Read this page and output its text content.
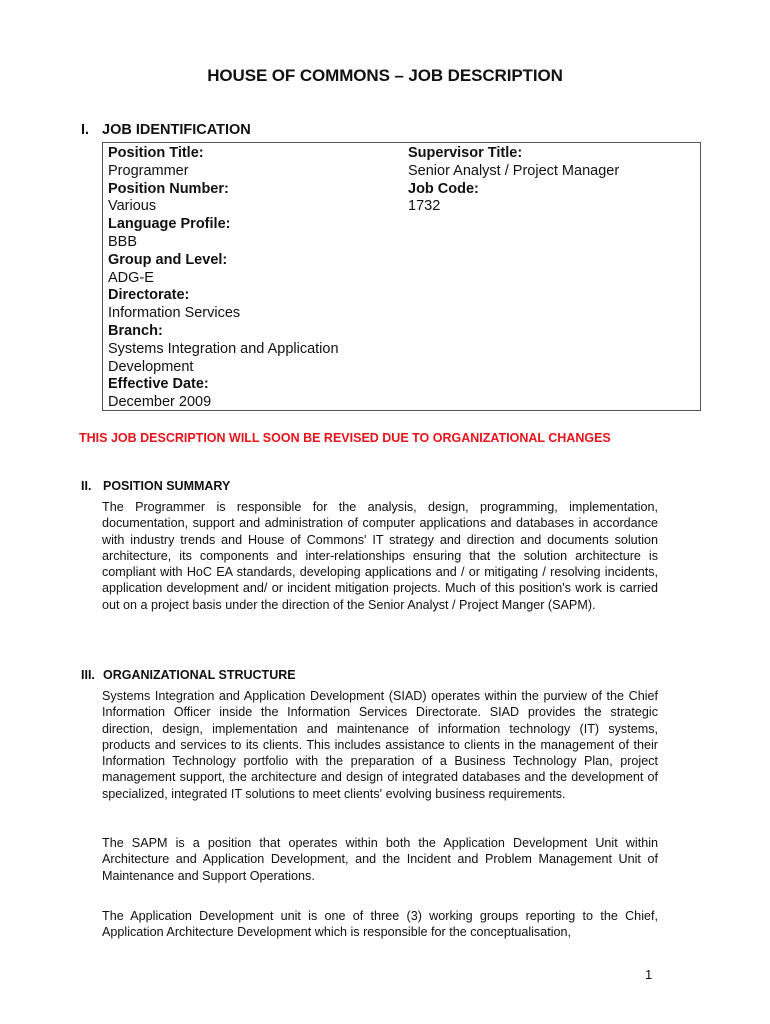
HOUSE OF COMMONS – JOB DESCRIPTION
I. JOB IDENTIFICATION
Position Title:
Programmer
Position Number:
Various
Language Profile:
BBB
Group and Level:
ADG-E
Directorate:
Information Services
Branch:
Systems Integration and Application Development
Effective Date:
December 2009
Supervisor Title:
Senior Analyst / Project Manager
Job Code:
1732
THIS JOB DESCRIPTION WILL SOON BE REVISED DUE TO ORGANIZATIONAL CHANGES
II. POSITION SUMMARY
The Programmer is responsible for the analysis, design, programming, implementation, documentation, support and administration of computer applications and databases in accordance with industry trends and House of Commons' IT strategy and direction and documents solution architecture, its components and inter-relationships ensuring that the solution architecture is compliant with HoC EA standards, developing applications and / or mitigating / resolving incidents, application development and/ or incident mitigation projects. Much of this position's work is carried out on a project basis under the direction of the Senior Analyst / Project Manger (SAPM).
III. ORGANIZATIONAL STRUCTURE
Systems Integration and Application Development (SIAD) operates within the purview of the Chief Information Officer inside the Information Services Directorate. SIAD provides the strategic direction, design, implementation and maintenance of information technology (IT) systems, products and services to its clients. This includes assistance to clients in the management of their Information Technology portfolio with the preparation of a Business Technology Plan, project management support, the architecture and design of integrated databases and the development of specialized, integrated IT solutions to meet clients' evolving business requirements.
The SAPM is a position that operates within both the Application Development Unit within Architecture and Application Development, and the Incident and Problem Management Unit of Maintenance and Support Operations.
The Application Development unit is one of three (3) working groups reporting to the Chief, Application Architecture Development which is responsible for the conceptualisation,
1
